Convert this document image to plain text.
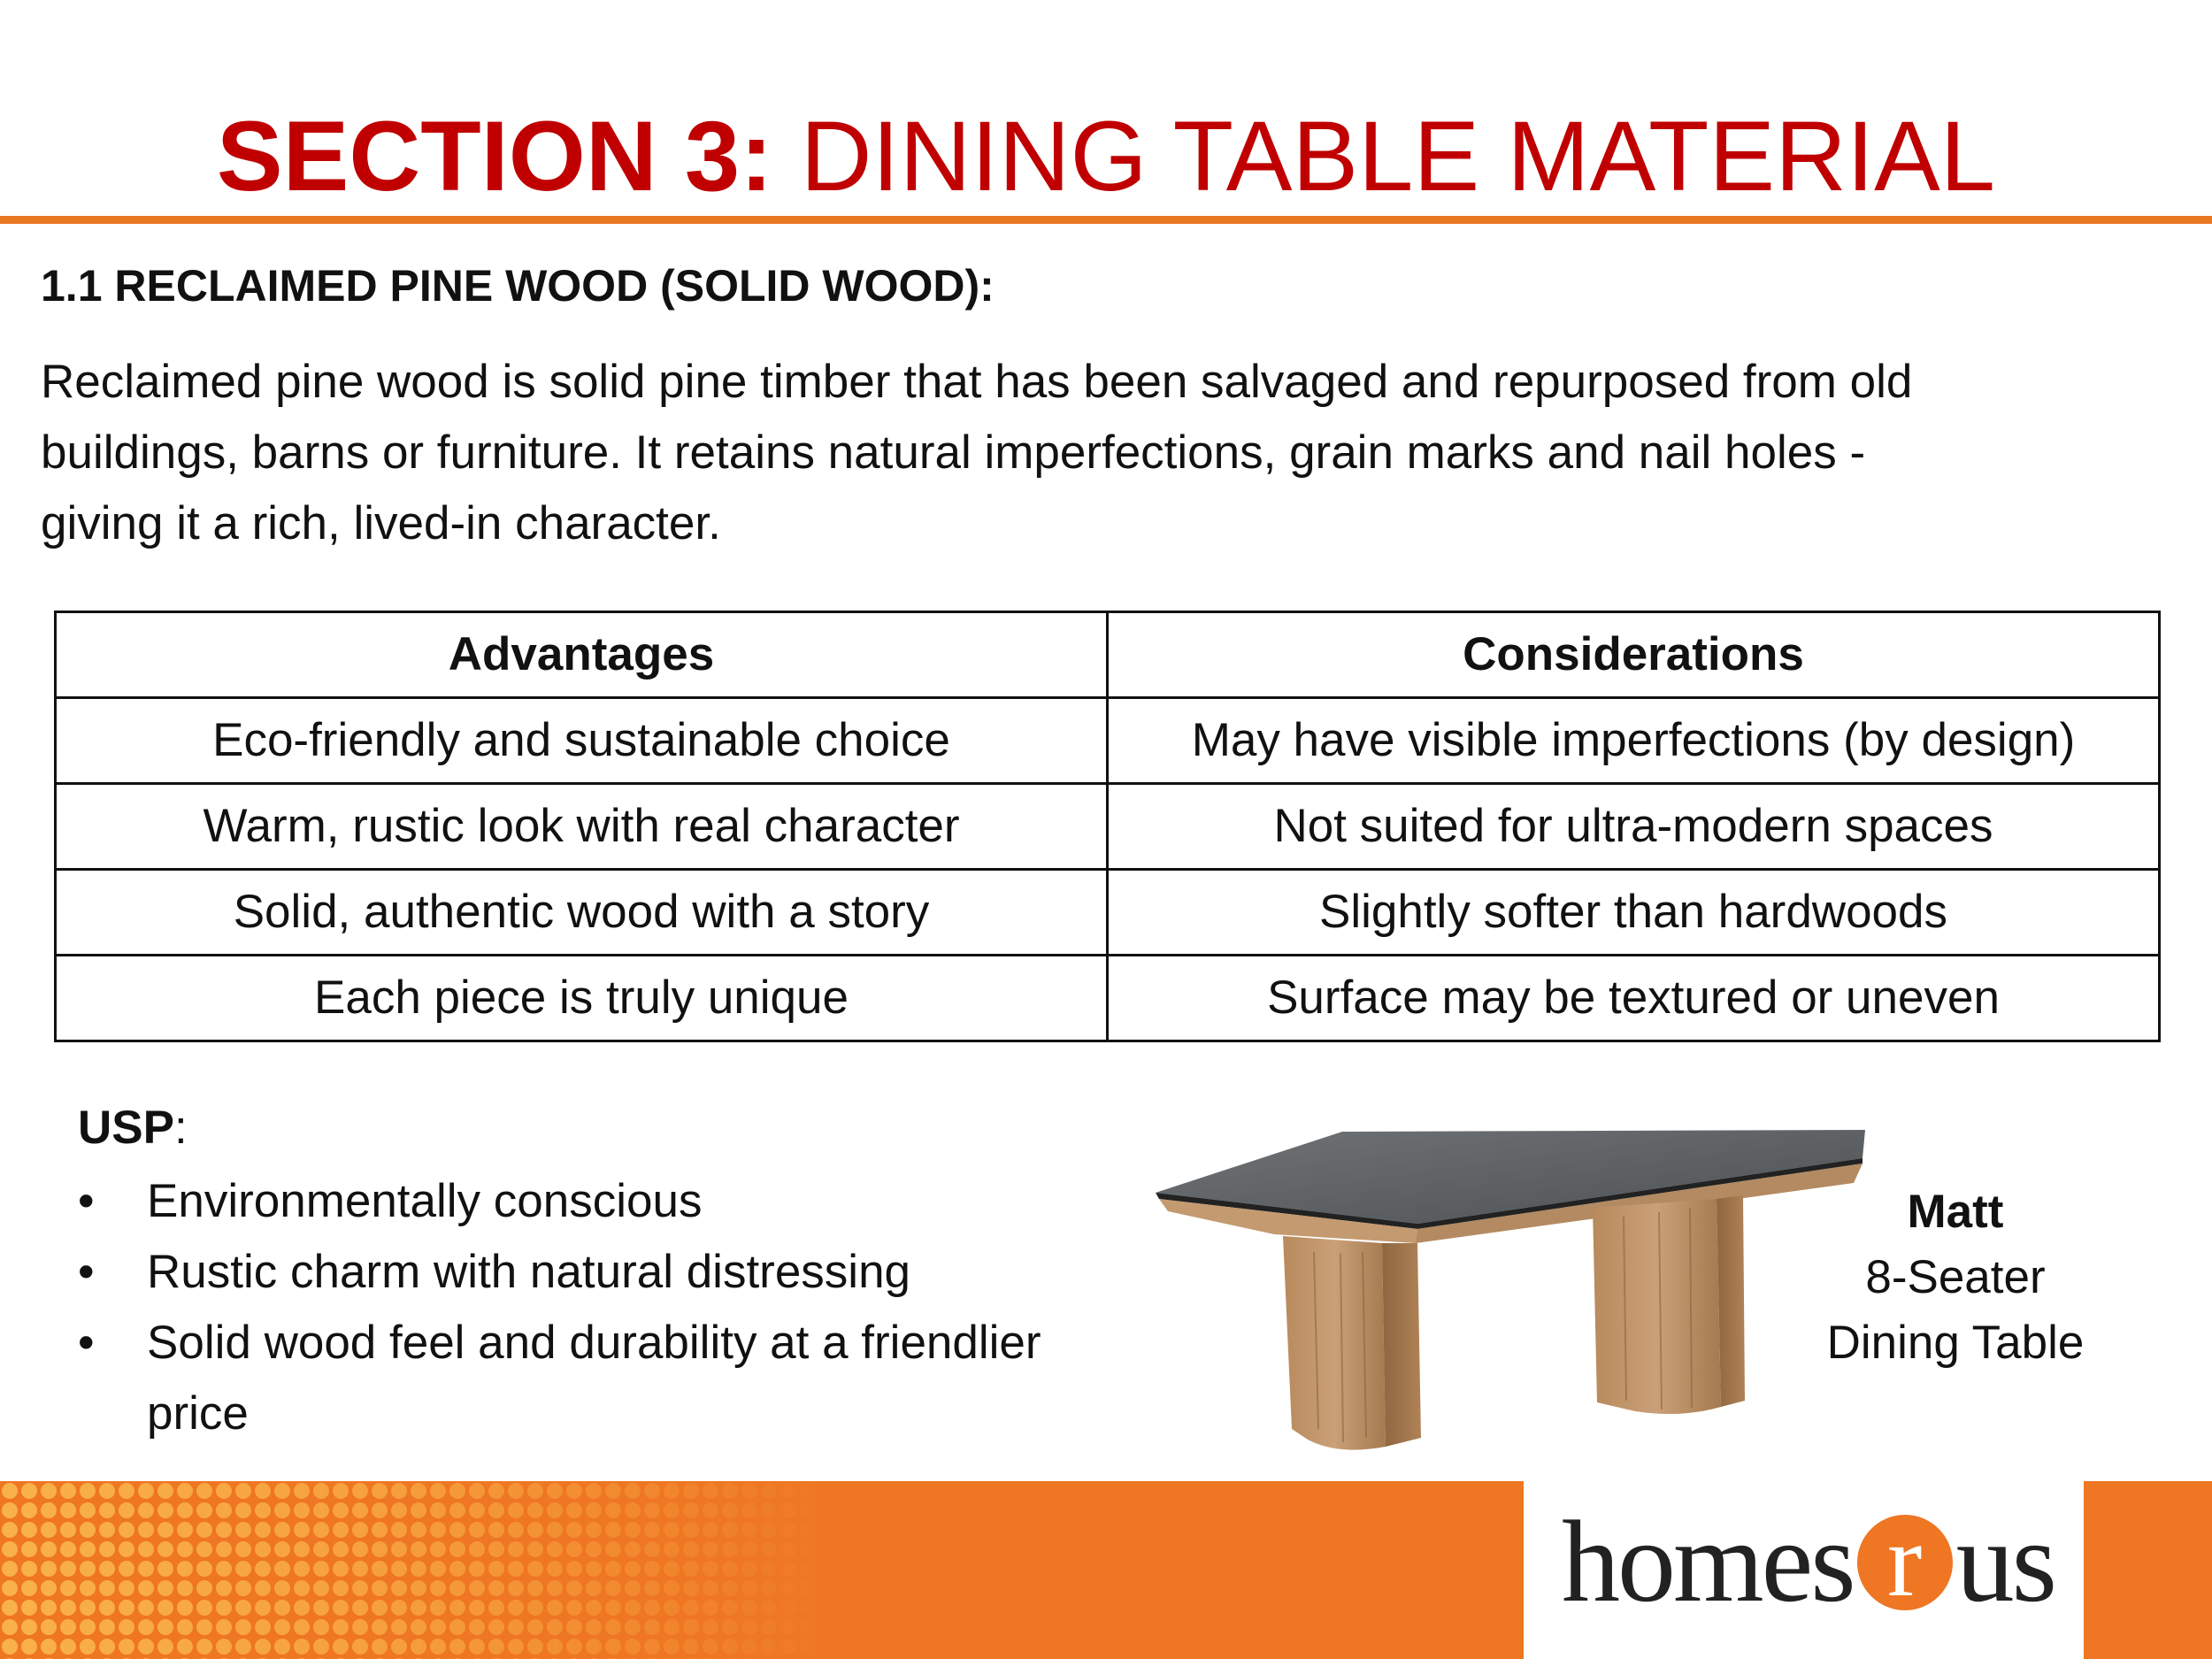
SECTION 3: DINING TABLE MATERIAL
1.1 RECLAIMED PINE WOOD (SOLID WOOD):
Reclaimed pine wood is solid pine timber that has been salvaged and repurposed from old
buildings, barns or furniture. It retains natural imperfections, grain marks and nail holes -
giving it a rich, lived-in character.
Advantages	Considerations
Eco-friendly and sustainable choice	May have visible imperfections (by design)
Warm, rustic look with real character	Not suited for ultra-modern spaces
Solid, authentic wood with a story	Slightly softer than hardwoods
Each piece is truly unique	Surface may be textured or uneven
USP:
•	Environmentally conscious
•	Rustic charm with natural distressing
•	Solid wood feel and durability at a friendlier price
Matt
8-Seater
Dining Table
homes r us
